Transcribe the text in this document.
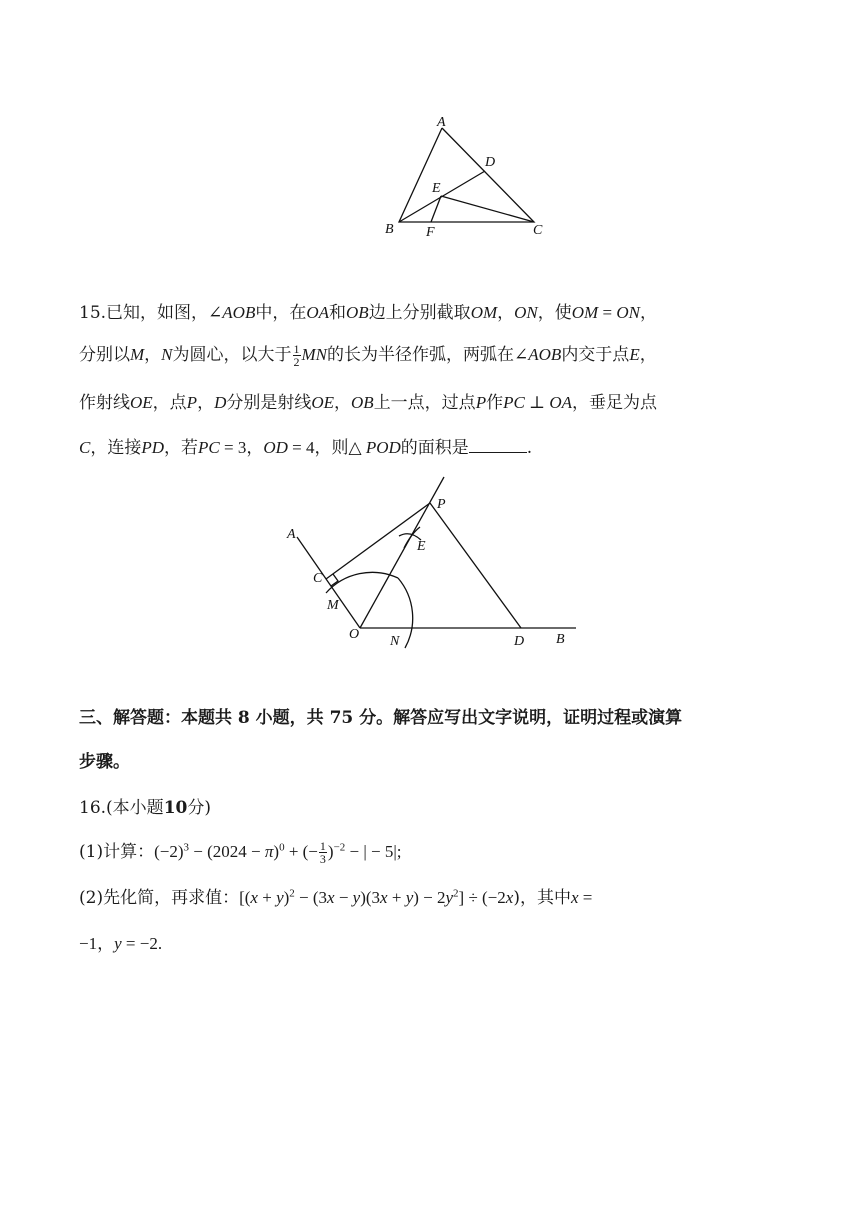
A
D
E
B F	C
15.已知，如图，∠AOB中，在OA和OB边上分别截取OM，ON，使OM = ON，
分别以M，N为圆心，以大于 $\frac{1}{2}$ MN的长为半径作弧，两弧在∠AOB内交于点E，
作射线OE，点P，D分别是射线OE，OB上一点，过点P作PC ⊥ OA，垂足为点
C，连接PD，若PC = 3，OD = 4，则△ POD的面积是	.
A
P
E
C
M
O N	D B
三、解答题：本题共 8 小题，共 75 分。解答应写出文字说明，证明过程或演算
步骤。
16.(本小题10分)
(1)计算：$(-2)^3 - (2024 - \pi)^0$ + (− $\frac{1}{3} )^{-2}$ − | − 5|;
(2)先化简，再求值：$[(x + y)^2 - (3x - y)(3x + y) - 2y^2] \div (-2x)$，其中x =
−1，y = −2.
